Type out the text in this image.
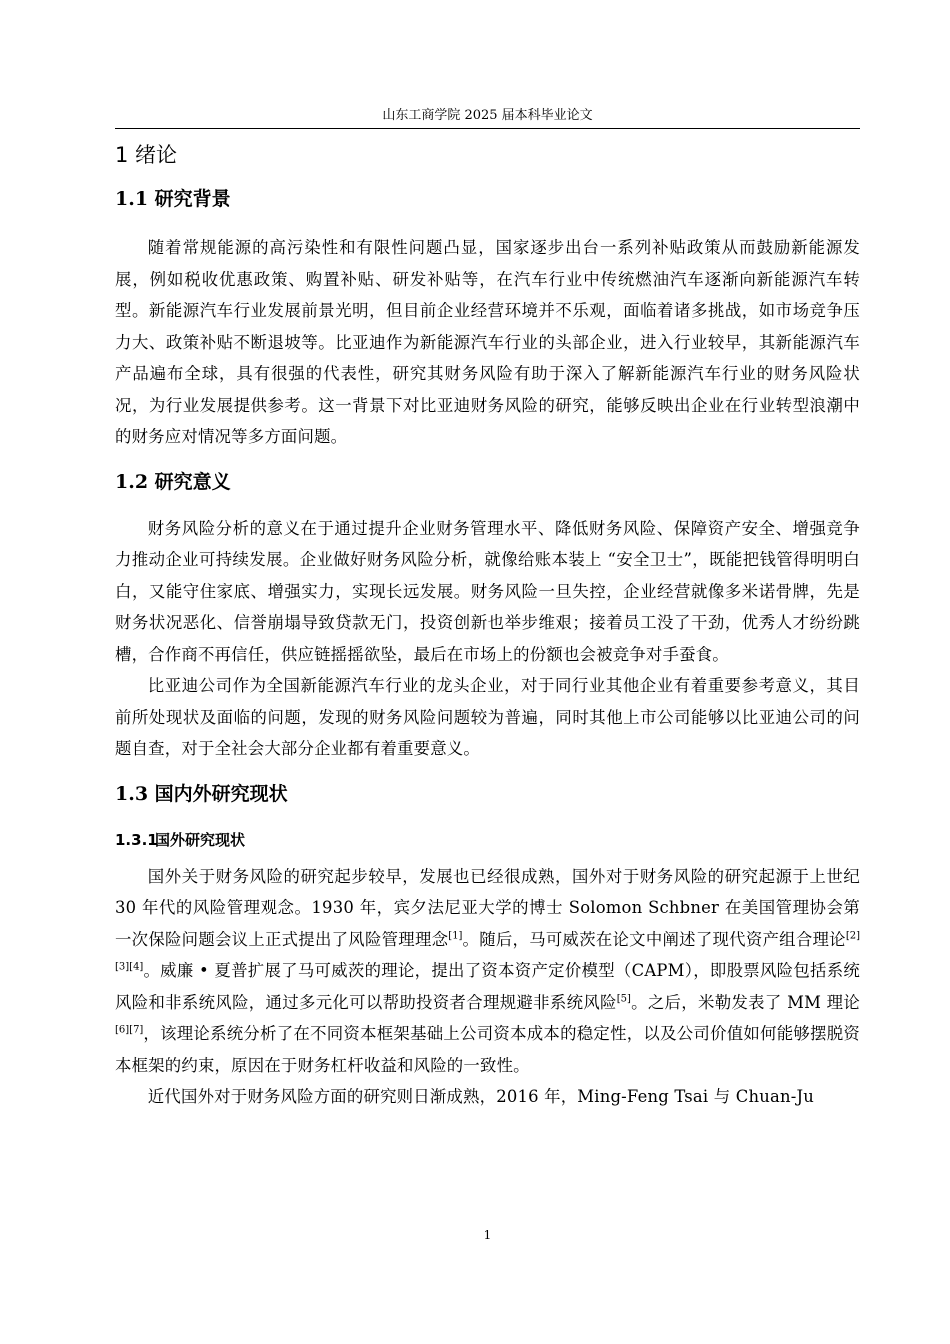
山东工商学院 2025 届本科毕业论文
1 绪论
1.1 研究背景

随着常规能源的高污染性和有限性问题凸显，国家逐步出台一系列补贴政策从而鼓励新能源发展，例如税收优惠政策、购置补贴、研发补贴等，在汽车行业中传统燃油汽车逐渐向新能源汽车转型。新能源汽车行业发展前景光明，但目前企业经营环境并不乐观，面临着诸多挑战，如市场竞争压力大、政策补贴不断退坡等。比亚迪作为新能源汽车行业的头部企业，进入行业较早，其新能源汽车产品遍布全球，具有很强的代表性，研究其财务风险有助于深入了解新能源汽车行业的财务风险状况，为行业发展提供参考。这一背景下对比亚迪财务风险的研究，能够反映出企业在行业转型浪潮中的财务应对情况等多方面问题。

1.2 研究意义

财务风险分析的意义在于通过提升企业财务管理水平、降低财务风险、保障资产安全、增强竞争力推动企业可持续发展。企业做好财务风险分析，就像给账本装上 “安全卫士”，既能把钱管得明明白白，又能守住家底、增强实力，实现长远发展。财务风险一旦失控，企业经营就像多米诺骨牌，先是财务状况恶化、信誉崩塌导致贷款无门，投资创新也举步维艰；接着员工没了干劲，优秀人才纷纷跳槽，合作商不再信任，供应链摇摇欲坠，最后在市场上的份额也会被竞争对手蚕食。

比亚迪公司作为全国新能源汽车行业的龙头企业，对于同行业其他企业有着重要参考意义，其目前所处现状及面临的问题，发现的财务风险问题较为普遍，同时其他上市公司能够以比亚迪公司的问题自查，对于全社会大部分企业都有着重要意义。

1.3 国内外研究现状
1.3.1国外研究现状

国外关于财务风险的研究起步较早，发展也已经很成熟，国外对于财务风险的研究起源于上世纪 30 年代的风险管理观念。1930 年，宾夕法尼亚大学的博士 Solomon Schbner 在美国管理协会第一次保险问题会议上正式提出了风险管理理念[1]。随后，马可威茨在论文中阐述了现代资产组合理论[2][3][4]。威廉 • 夏普扩展了马可威茨的理论，提出了资本资产定价模型（CAPM），即股票风险包括系统风险和非系统风险，通过多元化可以帮助投资者合理规避非系统风险[5]。之后，米勒发表了 MM 理论[6][7]，该理论系统分析了在不同资本框架基础上公司资本成本的稳定性，以及公司价值如何能够摆脱资本框架的约束，原因在于财务杠杆收益和风险的一致性。

近代国外对于财务风险方面的研究则日渐成熟，2016 年，Ming-Feng Tsai 与 Chuan-Ju

1
